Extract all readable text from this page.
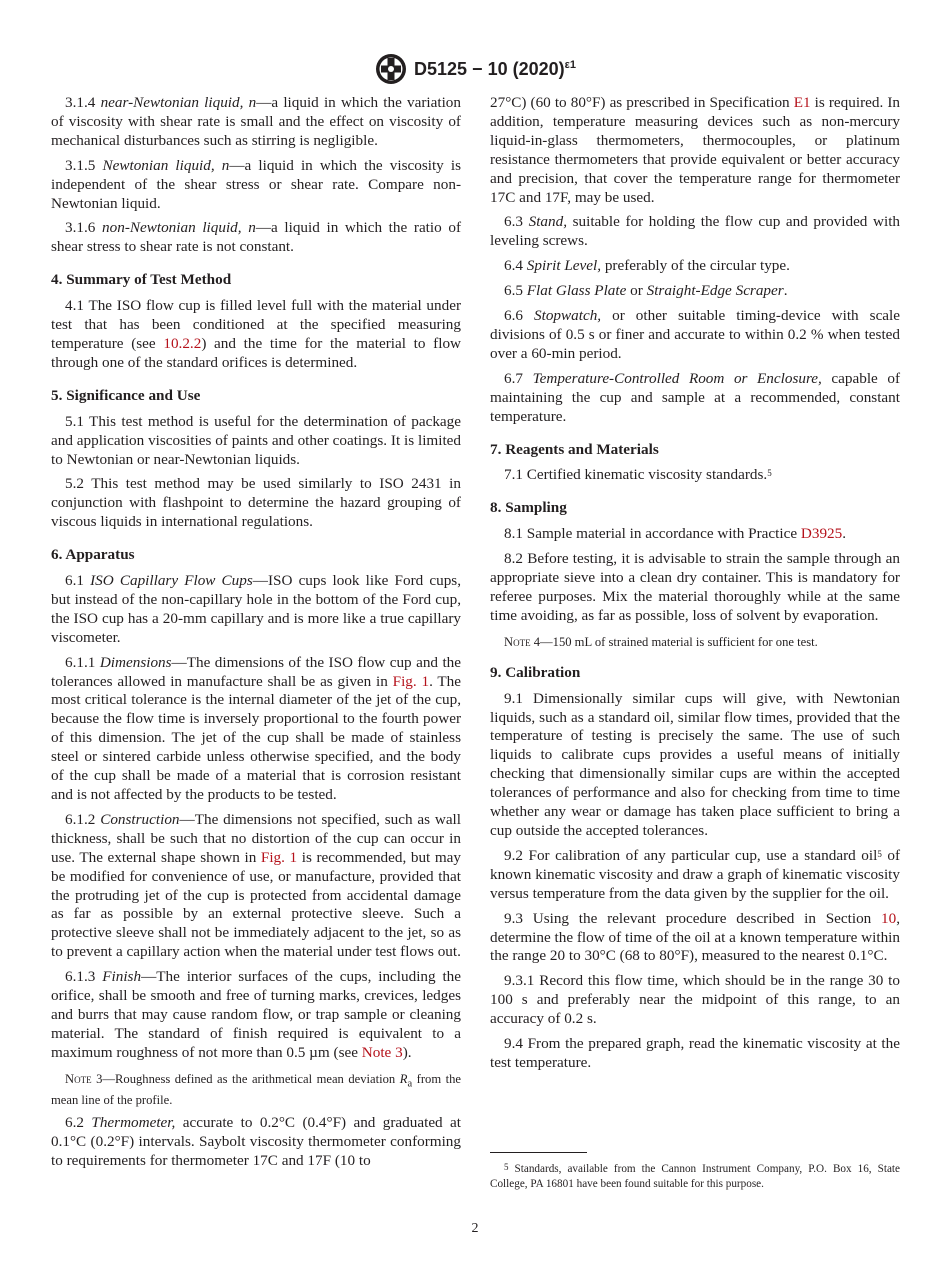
D5125 − 10 $(2020)^{\varepsilon 1}$

3.1.4 near-Newtonian liquid, n—a liquid in which the variation of viscosity with shear rate is small and the effect on viscosity of mechanical disturbances such as stirring is negligible.

3.1.5 Newtonian liquid, n—a liquid in which the viscosity is independent of the shear stress or shear rate. Compare non-Newtonian liquid.

3.1.6 non-Newtonian liquid, n—a liquid in which the ratio of shear stress to shear rate is not constant.

4. Summary of Test Method

4.1 The ISO flow cup is filled level full with the material under test that has been conditioned at the specified measuring temperature (see 10.2.2) and the time for the material to flow through one of the standard orifices is determined.

5. Significance and Use

5.1 This test method is useful for the determination of package and application viscosities of paints and other coatings. It is limited to Newtonian or near-Newtonian liquids.

5.2 This test method may be used similarly to ISO 2431 in conjunction with flashpoint to determine the hazard grouping of viscous liquids in international regulations.

6. Apparatus

6.1 ISO Capillary Flow Cups—ISO cups look like Ford cups, but instead of the non-capillary hole in the bottom of the Ford cup, the ISO cup has a 20-mm capillary and is more like a true capillary viscometer.

6.1.1 Dimensions—The dimensions of the ISO flow cup and the tolerances allowed in manufacture shall be as given in Fig. 1. The most critical tolerance is the internal diameter of the jet of the cup, because the flow time is inversely proportional to the fourth power of this dimension. The jet of the cup shall be made of stainless steel or sintered carbide unless otherwise specified, and the body of the cup shall be made of a material that is corrosion resistant and is not affected by the products to be tested.

6.1.2 Construction—The dimensions not specified, such as wall thickness, shall be such that no distortion of the cup can occur in use. The external shape shown in Fig. 1 is recommended, but may be modified for convenience of use, or manufacture, provided that the protruding jet of the cup is protected from accidental damage as far as possible by an external protective sleeve. Such a protective sleeve shall not be immediately adjacent to the jet, so as to prevent a capillary action when the material under test flows out.

6.1.3 Finish—The interior surfaces of the cups, including the orifice, shall be smooth and free of turning marks, crevices, ledges and burrs that may cause random flow, or trap sample or cleaning material. The standard of finish required is equivalent to a maximum roughness of not more than 0.5 µm (see Note 3).

Note 3—Roughness defined as the arithmetical mean deviation $R_a$ from the mean line of the profile.

6.2 Thermometer, accurate to 0.2°C (0.4°F) and graduated at 0.1°C (0.2°F) intervals. Saybolt viscosity thermometer conforming to requirements for thermometer 17C and 17F (10 to

27°C) (60 to 80°F) as prescribed in Specification E1 is required. In addition, temperature measuring devices such as non-mercury liquid-in-glass thermometers, thermocouples, or platinum resistance thermometers that provide equivalent or better accuracy and precision, that cover the temperature range for thermometer 17C and 17F, may be used.

6.3 Stand, suitable for holding the flow cup and provided with leveling screws.

6.4 Spirit Level, preferably of the circular type.

6.5 Flat Glass Plate or Straight-Edge Scraper.

6.6 Stopwatch, or other suitable timing-device with scale divisions of 0.5 s or finer and accurate to within 0.2 % when tested over a 60-min period.

6.7 Temperature-Controlled Room or Enclosure, capable of maintaining the cup and sample at a recommended, constant temperature.

7. Reagents and Materials

7.1 Certified kinematic viscosity standards.$^5$

8. Sampling

8.1 Sample material in accordance with Practice D3925.

8.2 Before testing, it is advisable to strain the sample through an appropriate sieve into a clean dry container. This is mandatory for referee purposes. Mix the material thoroughly while at the same time avoiding, as far as possible, loss of solvent by evaporation.

Note 4—150 mL of strained material is sufficient for one test.
9. Calibration

9.1 Dimensionally similar cups will give, with Newtonian liquids, such as a standard oil, similar flow times, provided that the temperature of testing is precisely the same. The use of such liquids to calibrate cups provides a useful means of initially checking that dimensionally similar cups are within the accepted tolerances of performance and also for checking from time to time whether any wear or damage has taken place sufficient to bring a cup outside the accepted tolerances.

9.2 For calibration of any particular cup, use a standard oil$^5$ of known kinematic viscosity and draw a graph of kinematic viscosity versus temperature from the data given by the supplier for the oil.

9.3 Using the relevant procedure described in Section 10, determine the flow of time of the oil at a known temperature within the range 20 to 30°C (68 to 80°F), measured to the nearest 0.1°C.

9.3.1 Record this flow time, which should be in the range 30 to 100 s and preferably near the midpoint of this range, to an accuracy of 0.2 s.

9.4 From the prepared graph, read the kinematic viscosity at the test temperature.

$^5$ Standards, available from the Cannon Instrument Company, P.O. Box 16, State College, PA 16801 have been found suitable for this purpose.
2
